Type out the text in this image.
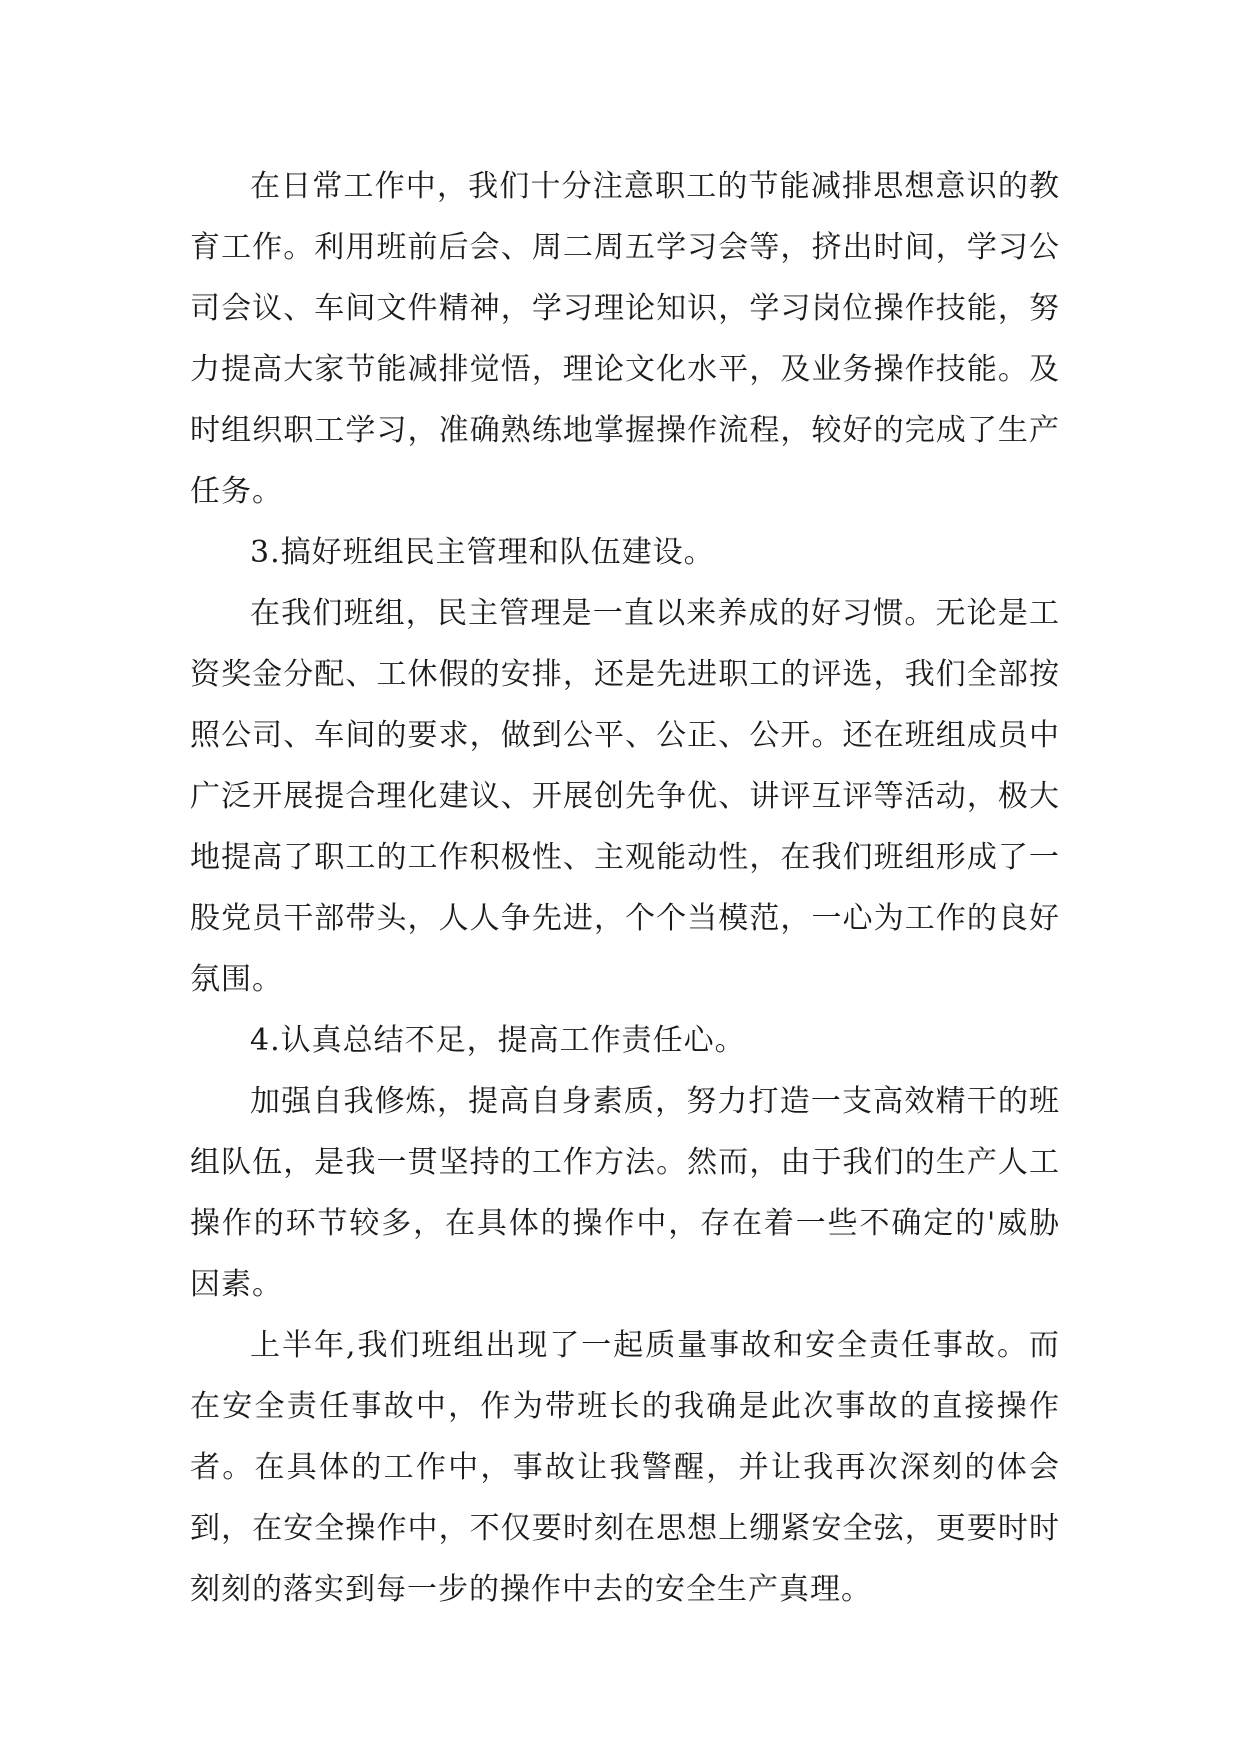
在日常工作中，我们十分注意职工的节能减排思想意识的教育工作。利用班前后会、周二周五学习会等，挤出时间，学习公司会议、车间文件精神，学习理论知识，学习岗位操作技能，努力提高大家节能减排觉悟，理论文化水平，及业务操作技能。及时组织职工学习，准确熟练地掌握操作流程，较好的完成了生产任务。

3.搞好班组民主管理和队伍建设。

在我们班组，民主管理是一直以来养成的好习惯。无论是工资奖金分配、工休假的安排，还是先进职工的评选，我们全部按照公司、车间的要求，做到公平、公正、公开。还在班组成员中广泛开展提合理化建议、开展创先争优、讲评互评等活动，极大地提高了职工的工作积极性、主观能动性，在我们班组形成了一股党员干部带头，人人争先进，个个当模范，一心为工作的良好氛围。

4.认真总结不足，提高工作责任心。

加强自我修炼，提高自身素质，努力打造一支高效精干的班组队伍，是我一贯坚持的工作方法。然而，由于我们的生产人工操作的环节较多，在具体的操作中，存在着一些不确定的'威胁因素。

上半年,我们班组出现了一起质量事故和安全责任事故。而在安全责任事故中，作为带班长的我确是此次事故的直接操作者。在具体的工作中，事故让我警醒，并让我再次深刻的体会到，在安全操作中，不仅要时刻在思想上绷紧安全弦，更要时时刻刻的落实到每一步的操作中去的安全生产真理。
